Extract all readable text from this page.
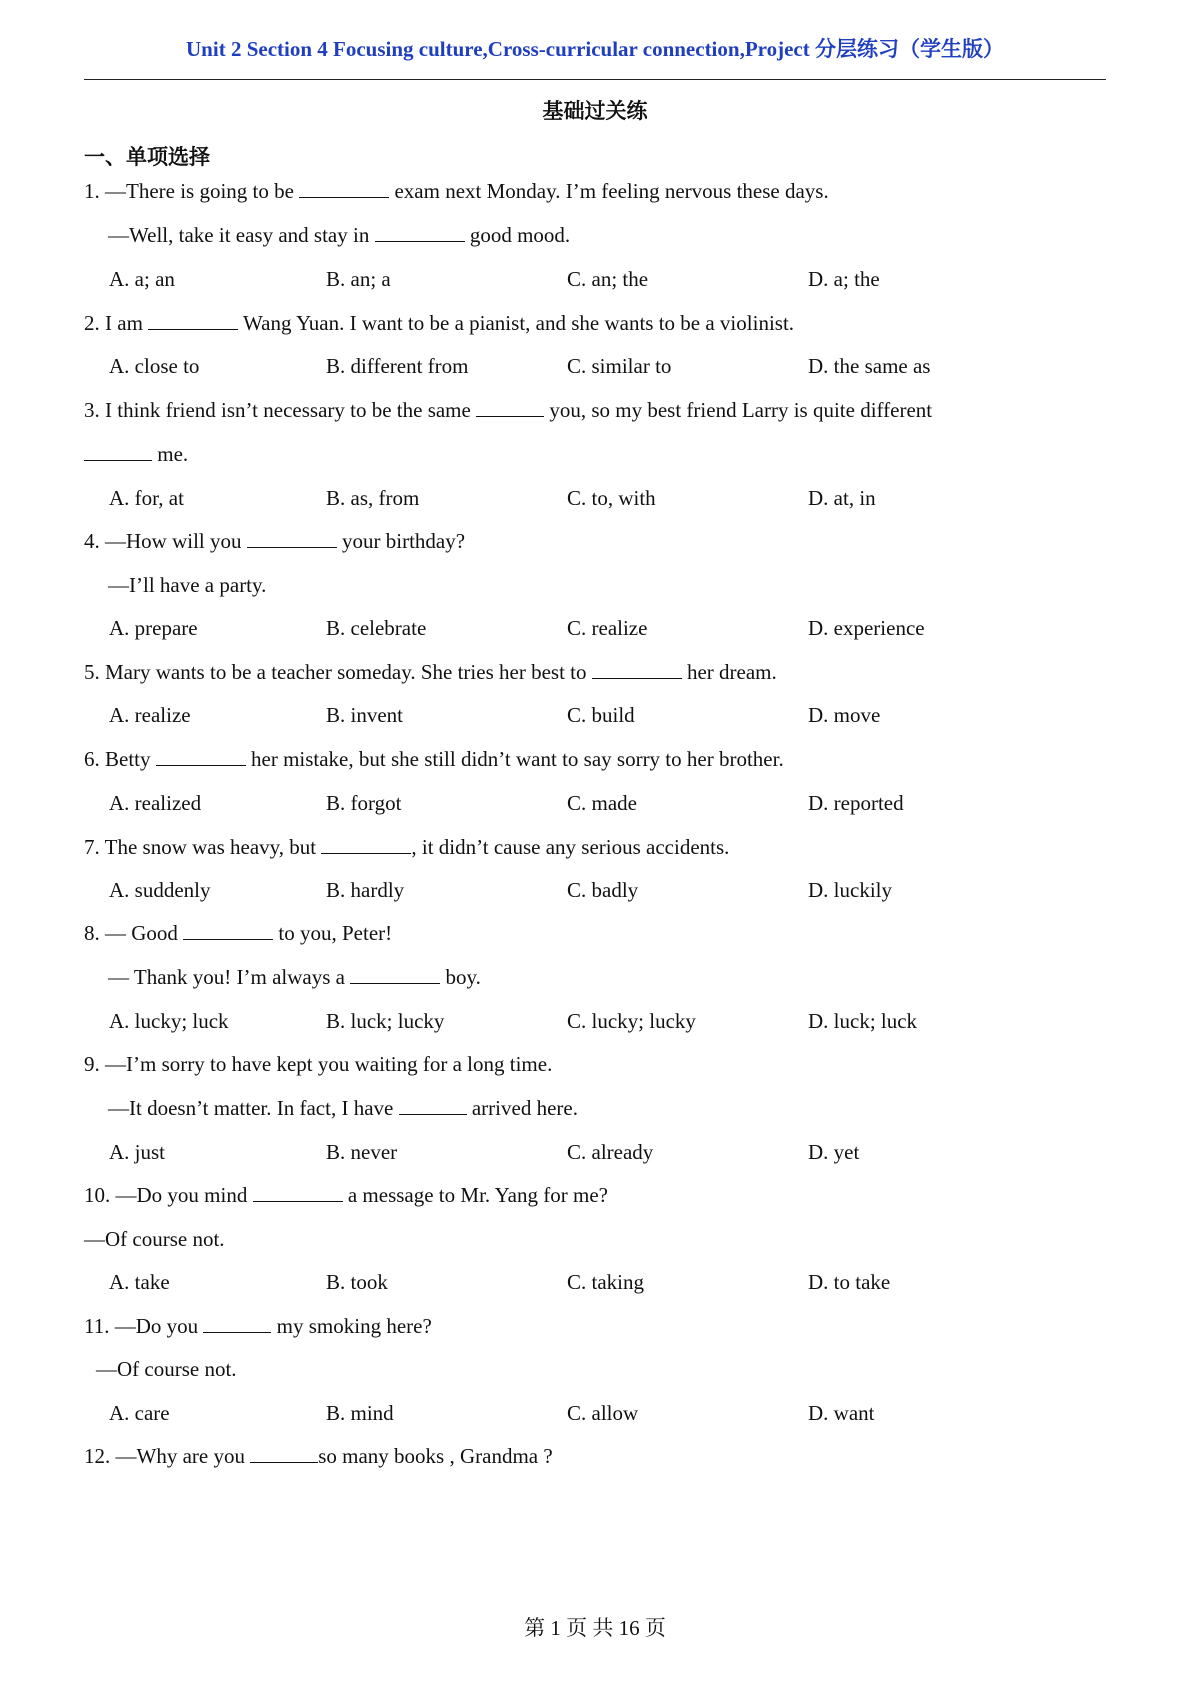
Unit 2 Section 4 Focusing culture,Cross-curricular connection,Project 分层练习（学生版）
基础过关练
一、单项选择
1. —There is going to be	exam next Monday. I’m feeling nervous these days.
—Well, take it easy and stay in	good mood.
A. a; an	B. an; a	C. an; the	D. a; the
2. I am	Wang Yuan. I want to be a pianist, and she wants to be a violinist.
A. close to	B. different from	C. similar to	D. the same as
3. I think friend isn’t necessary to be the same	you, so my best friend Larry is quite different
me.
A. for, at	B. as, from	C. to, with	D. at, in
4. —How will you	your birthday?
—I’ll have a party.
A. prepare	B. celebrate	C. realize	D. experience
5. Mary wants to be a teacher someday. She tries her best to	her dream.
A. realize	B. invent	C. build	D. move
6. Betty	her mistake, but she still didn’t want to say sorry to her brother.
A. realized	B. forgot	C. made	D. reported
7. The snow was heavy, but	, it didn’t cause any serious accidents.
A. suddenly	B. hardly	C. badly	D. luckily
8. — Good	to you, Peter!
— Thank you! I’m always a	boy.
A. lucky; luck	B. luck; lucky	C. lucky; lucky	D. luck; luck
9. —I’m sorry to have kept you waiting for a long time.
—It doesn’t matter. In fact, I have	arrived here.
A. just	B. never	C. already	D. yet
10. —Do you mind	a message to Mr. Yang for me?
—Of course not.
A. take	B. took	C. taking	D. to take
11. —Do you	my smoking here?
—Of course not.
A. care	B. mind	C. allow	D. want
12. —Why are you	so many books , Grandma ?
第 1 页 共 16 页
